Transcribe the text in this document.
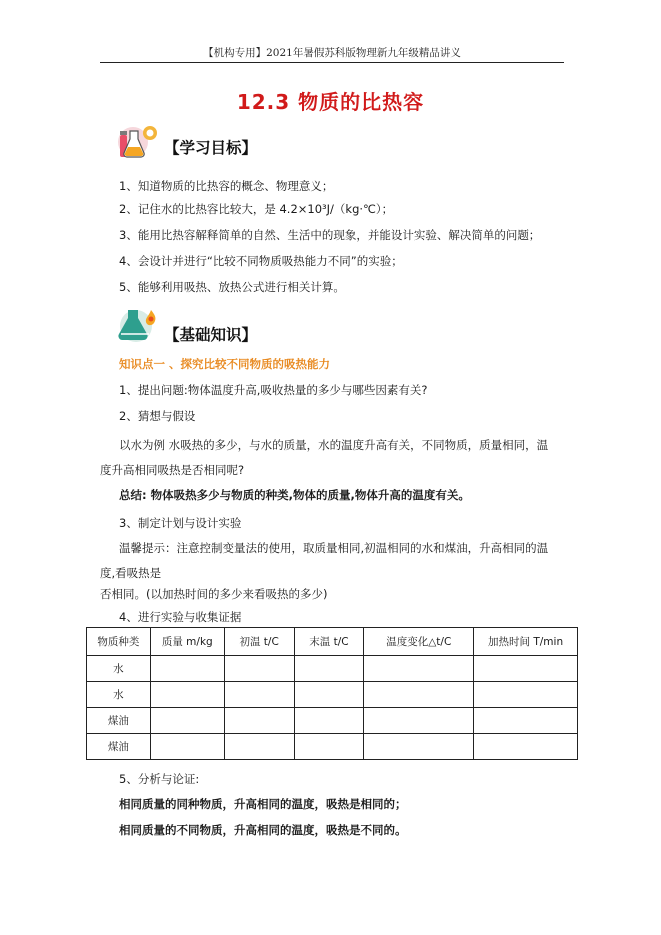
【机构专用】2021年暑假苏科版物理新九年级精品讲义
12.3 物质的比热容
【学习目标】
1、知道物质的比热容的概念、物理意义；
2、记住水的比热容比较大，是 4.2×10³J/（kg·℃）；
3、能用比热容解释简单的自然、生活中的现象，并能设计实验、解决简单的问题；
4、会设计并进行“比较不同物质吸热能力不同”的实验；
5、能够利用吸热、放热公式进行相关计算。
【基础知识】
知识点一 、探究比较不同物质的吸热能力
1、提出问题:物体温度升高,吸收热量的多少与哪些因素有关?
2、猜想与假设
以水为例 水吸热的多少，与水的质量，水的温度升高有关，不同物质，质量相同，温
度升高相同吸热是否相同呢?
总结: 物体吸热多少与物质的种类,物体的质量,物体升高的温度有关。
3、制定计划与设计实验
温馨提示：注意控制变量法的使用，取质量相同,初温相同的水和煤油，升高相同的温
度,看吸热是
否相同。(以加热时间的多少来看吸热的多少)
4、进行实验与收集证据
物质种类	质量 m/kg	初温 t/C	末温 t/C	温度变化△t/C	加热时间 T/min
水					
水					
煤油					
煤油					
5、分析与论证:
相同质量的同种物质，升高相同的温度，吸热是相同的；
相同质量的不同物质，升高相同的温度，吸热是不同的。
